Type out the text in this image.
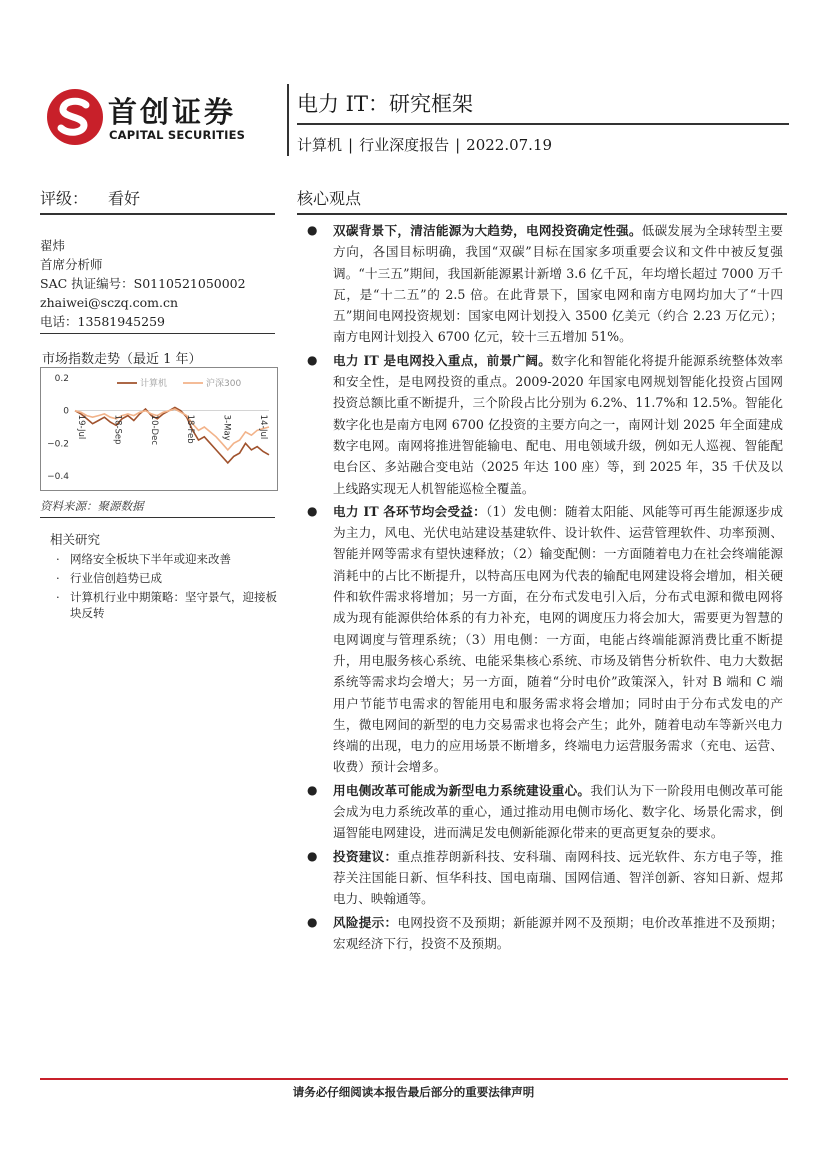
首创证券
CAPITAL SECURITIES
电力 IT：研究框架
计算机 | 行业深度报告 | 2022.07.19
评级： 看好
翟炜
首席分析师
SAC 执证编号：S0110521050002
zhaiwei@sczq.com.cn
电话：13581945259
市场指数走势（最近 1 年）
0.2
0
−0.2
−0.4
19-Jul	18-Sep	10-Dec	18-Feb	3-May	14-Jul
计算机	沪深300
资料来源：聚源数据
相关研究
· 网络安全板块下半年或迎来改善
· 行业信创趋势已成
· 计算机行业中期策略：坚守景气，迎接板块反转
核心观点
● 双碳背景下，清洁能源为大趋势，电网投资确定性强。低碳发展为全球转型主要方向，各国目标明确，我国“双碳”目标在国家多项重要会议和文件中被反复强调。“十三五”期间，我国新能源累计新增 3.6 亿千瓦，年均增长超过 7000 万千瓦，是“十二五”的 2.5 倍。在此背景下，国家电网和南方电网均加大了“十四五”期间电网投资规划：国家电网计划投入 3500 亿美元（约合 2.23 万亿元）；南方电网计划投入 6700 亿元，较十三五增加 51%。
● 电力 IT 是电网投入重点，前景广阔。数字化和智能化将提升能源系统整体效率和安全性，是电网投资的重点。2009-2020 年国家电网规划智能化投资占国网投资总额比重不断提升，三个阶段占比分别为 6.2%、11.7%和 12.5%。智能化数字化也是南方电网 6700 亿投资的主要方向之一，南网计划 2025 年全面建成数字电网。南网将推进智能输电、配电、用电领域升级，例如无人巡视、智能配电台区、多站融合变电站（2025 年达 100 座）等，到 2025 年，35 千伏及以上线路实现无人机智能巡检全覆盖。
● 电力 IT 各环节均会受益：（1）发电侧：随着太阳能、风能等可再生能源逐步成为主力，风电、光伏电站建设基建软件、设计软件、运营管理软件、功率预测、智能并网等需求有望快速释放；（2）输变配侧：一方面随着电力在社会终端能源消耗中的占比不断提升，以特高压电网为代表的输配电网建设将会增加，相关硬件和软件需求将增加；另一方面，在分布式发电引入后，分布式电源和微电网将成为现有能源供给体系的有力补充，电网的调度压力将会加大，需要更为智慧的电网调度与管理系统；（3）用电侧：一方面，电能占终端能源消费比重不断提升，用电服务核心系统、电能采集核心系统、市场及销售分析软件、电力大数据系统等需求均会增大；另一方面，随着“分时电价”政策深入，针对 B 端和 C 端用户节能节电需求的智能用电和服务需求将会增加；同时由于分布式发电的产生，微电网间的新型的电力交易需求也将会产生；此外，随着电动车等新兴电力终端的出现，电力的应用场景不断增多，终端电力运营服务需求（充电、运营、收费）预计会增多。
● 用电侧改革可能成为新型电力系统建设重心。我们认为下一阶段用电侧改革可能会成为电力系统改革的重心，通过推动用电侧市场化、数字化、场景化需求，倒逼智能电网建设，进而满足发电侧新能源化带来的更高更复杂的要求。
● 投资建议：重点推荐朗新科技、安科瑞、南网科技、远光软件、东方电子等，推荐关注国能日新、恒华科技、国电南瑞、国网信通、智洋创新、容知日新、煜邦电力、映翰通等。
● 风险提示：电网投资不及预期；新能源并网不及预期；电价改革推进不及预期；宏观经济下行，投资不及预期。
请务必仔细阅读本报告最后部分的重要法律声明
